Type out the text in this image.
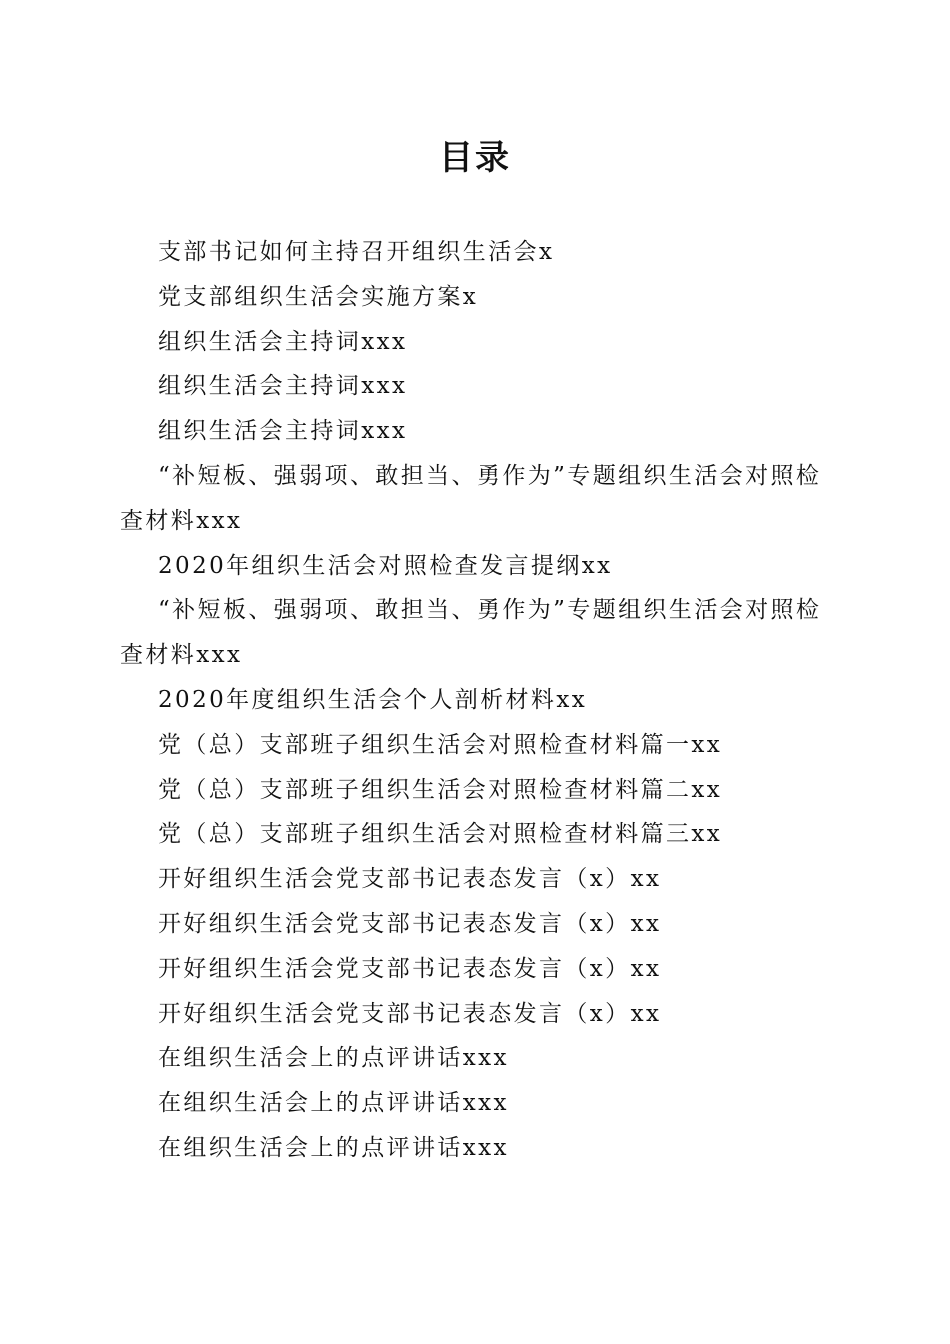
目录
支部书记如何主持召开组织生活会x
党支部组织生活会实施方案x
组织生活会主持词xxx
组织生活会主持词xxx
组织生活会主持词xxx
“补短板、强弱项、敢担当、勇作为”专题组织生活会对照检查材料xxx
2020年组织生活会对照检查发言提纲xx
“补短板、强弱项、敢担当、勇作为”专题组织生活会对照检查材料xxx
2020年度组织生活会个人剖析材料xx
党（总）支部班子组织生活会对照检查材料篇一xx
党（总）支部班子组织生活会对照检查材料篇二xx
党（总）支部班子组织生活会对照检查材料篇三xx
开好组织生活会党支部书记表态发言（x）xx
开好组织生活会党支部书记表态发言（x）xx
开好组织生活会党支部书记表态发言（x）xx
开好组织生活会党支部书记表态发言（x）xx
在组织生活会上的点评讲话xxx
在组织生活会上的点评讲话xxx
在组织生活会上的点评讲话xxx
